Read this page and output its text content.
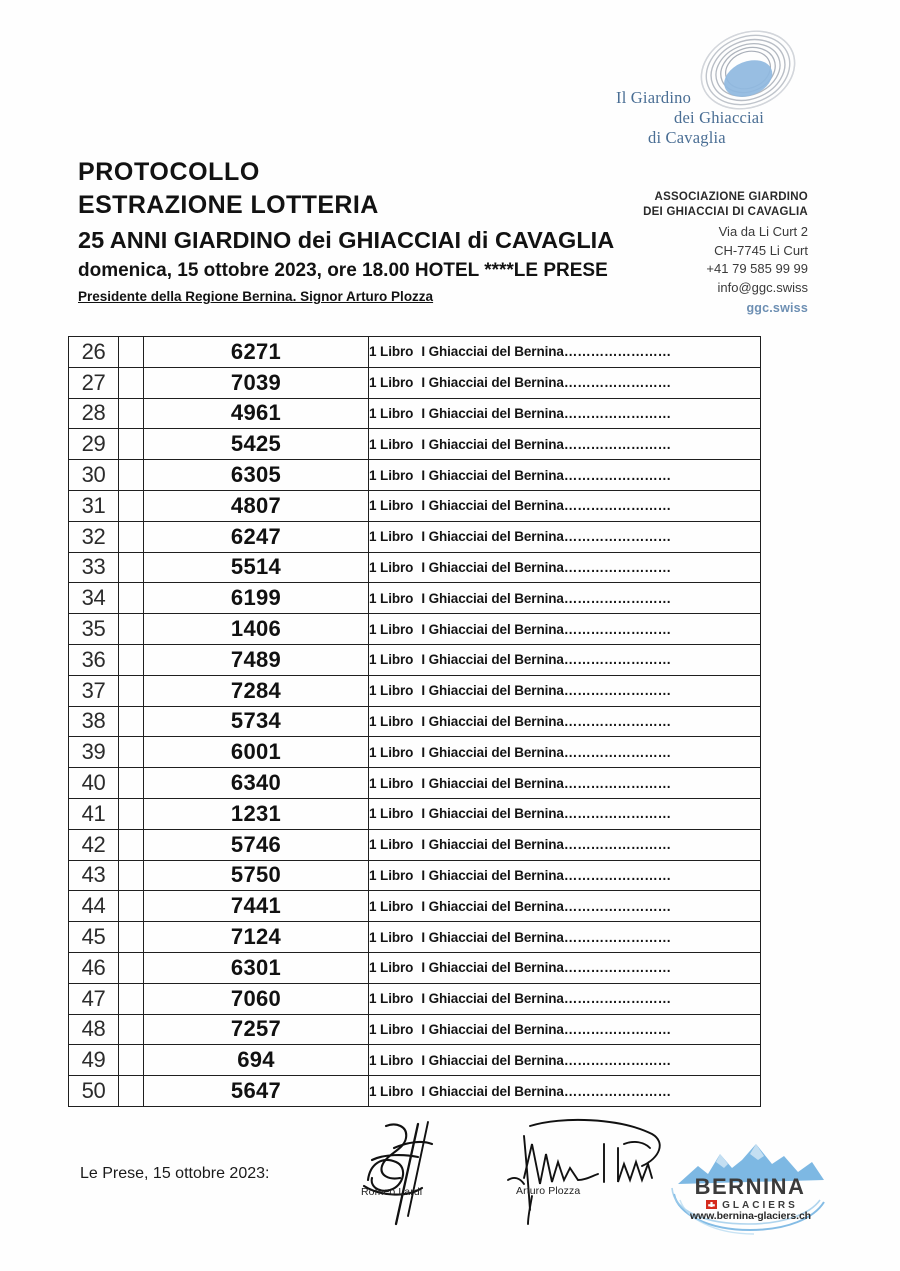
Il Giardino
dei Ghiacciai
di Cavaglia
PROTOCOLLO
ESTRAZIONE LOTTERIA
25 ANNI GIARDINO dei GHIACCIAI di CAVAGLIA
domenica, 15 ottobre 2023, ore 18.00 HOTEL ****LE PRESE
Presidente della Regione Bernina. Signor Arturo Plozza
ASSOCIAZIONE GIARDINO
DEI GHIACCIAI DI CAVAGLIA
Via da Li Curt 2
CH-7745 Li Curt
+41 79 585 99 99
info@ggc.swiss
ggc.swiss
26		6271	1 Libro I Ghiacciai del Bernina……………………
27		7039	1 Libro I Ghiacciai del Bernina……………………
28		4961	1 Libro I Ghiacciai del Bernina……………………
29		5425	1 Libro I Ghiacciai del Bernina……………………
30		6305	1 Libro I Ghiacciai del Bernina……………………
31		4807	1 Libro I Ghiacciai del Bernina……………………
32		6247	1 Libro I Ghiacciai del Bernina……………………
33		5514	1 Libro I Ghiacciai del Bernina……………………
34		6199	1 Libro I Ghiacciai del Bernina……………………
35		1406	1 Libro I Ghiacciai del Bernina……………………
36		7489	1 Libro I Ghiacciai del Bernina……………………
37		7284	1 Libro I Ghiacciai del Bernina……………………
38		5734	1 Libro I Ghiacciai del Bernina……………………
39		6001	1 Libro I Ghiacciai del Bernina……………………
40		6340	1 Libro I Ghiacciai del Bernina……………………
41		1231	1 Libro I Ghiacciai del Bernina……………………
42		5746	1 Libro I Ghiacciai del Bernina……………………
43		5750	1 Libro I Ghiacciai del Bernina……………………
44		7441	1 Libro I Ghiacciai del Bernina……………………
45		7124	1 Libro I Ghiacciai del Bernina……………………
46		6301	1 Libro I Ghiacciai del Bernina……………………
47		7060	1 Libro I Ghiacciai del Bernina……………………
48		7257	1 Libro I Ghiacciai del Bernina……………………
49		694	1 Libro I Ghiacciai del Bernina……………………
50		5647	1 Libro I Ghiacciai del Bernina……………………
Le Prese, 15 ottobre 2023:
Romeo Lardi	Arturo Plozza	BERNINA
GLACIERS
www.bernina-glaciers.ch
